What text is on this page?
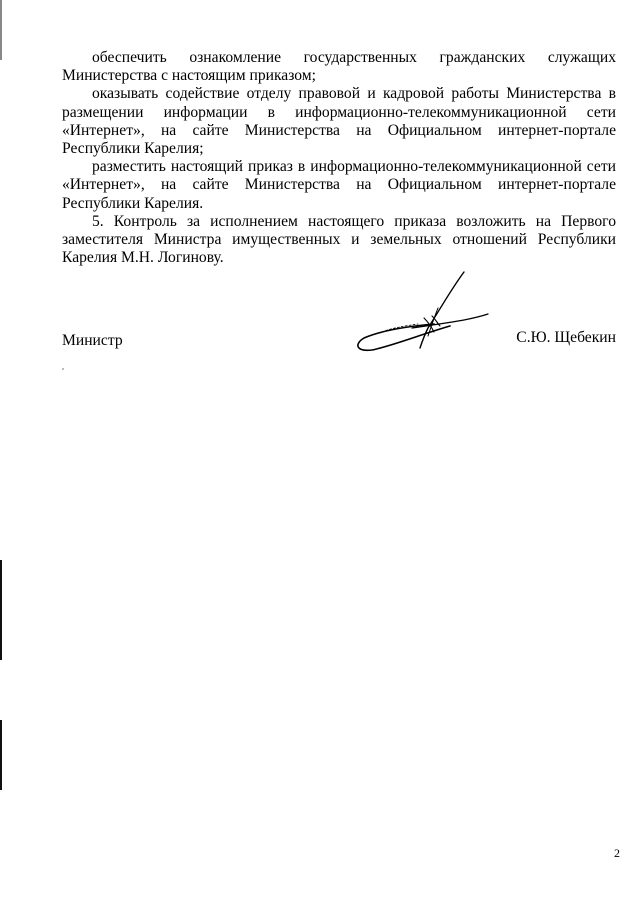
обеспечить ознакомление государственных гражданских служащих Министерства с настоящим приказом;

оказывать содействие отделу правовой и кадровой работы Министерства в размещении информации в информационно-телекоммуникационной сети «Интернет», на сайте Министерства на Официальном интернет-портале Республики Карелия;

разместить настоящий приказ в информационно-телекоммуникационной сети «Интернет», на сайте Министерства на Официальном интернет-портале Республики Карелия.

5. Контроль за исполнением настоящего приказа возложить на Первого заместителя Министра имущественных и земельных отношений Республики Карелия М.Н. Логинову.

Министр	С.Ю. Щебекин
2
